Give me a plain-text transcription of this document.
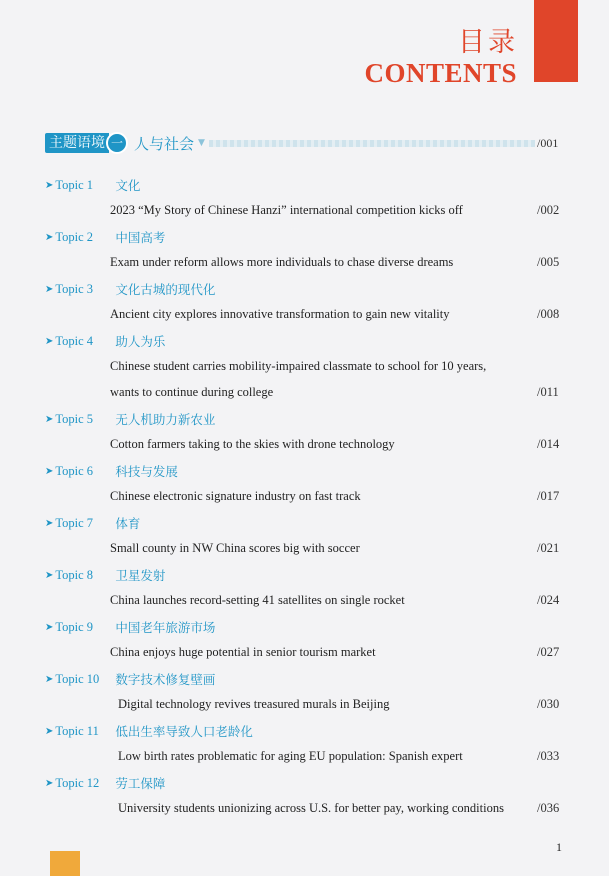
目录
CONTENTS
主题语境 一 人与社会 ▼	/001
➤ Topic 1	文化
2023 “My Story of Chinese Hanzi” international competition kicks off	/002
➤ Topic 2	中国高考
Exam under reform allows more individuals to chase diverse dreams	/005
➤ Topic 3	文化古城的现代化
Ancient city explores innovative transformation to gain new vitality	/008
➤ Topic 4	助人为乐
Chinese student carries mobility-impaired classmate to school for 10 years,
wants to continue during college	/011
➤ Topic 5	无人机助力新农业
Cotton farmers taking to the skies with drone technology	/014
➤ Topic 6	科技与发展
Chinese electronic signature industry on fast track	/017
➤ Topic 7	体育
Small county in NW China scores big with soccer	/021
➤ Topic 8	卫星发射
China launches record-setting 41 satellites on single rocket	/024
➤ Topic 9	中国老年旅游市场
China enjoys huge potential in senior tourism market	/027
➤ Topic 10	数字技术修复壁画
Digital technology revives treasured murals in Beijing	/030
➤ Topic 11	低出生率导致人口老龄化
Low birth rates problematic for aging EU population: Spanish expert	/033
➤ Topic 12	劳工保障
University students unionizing across U.S. for better pay, working conditions	/036
1
